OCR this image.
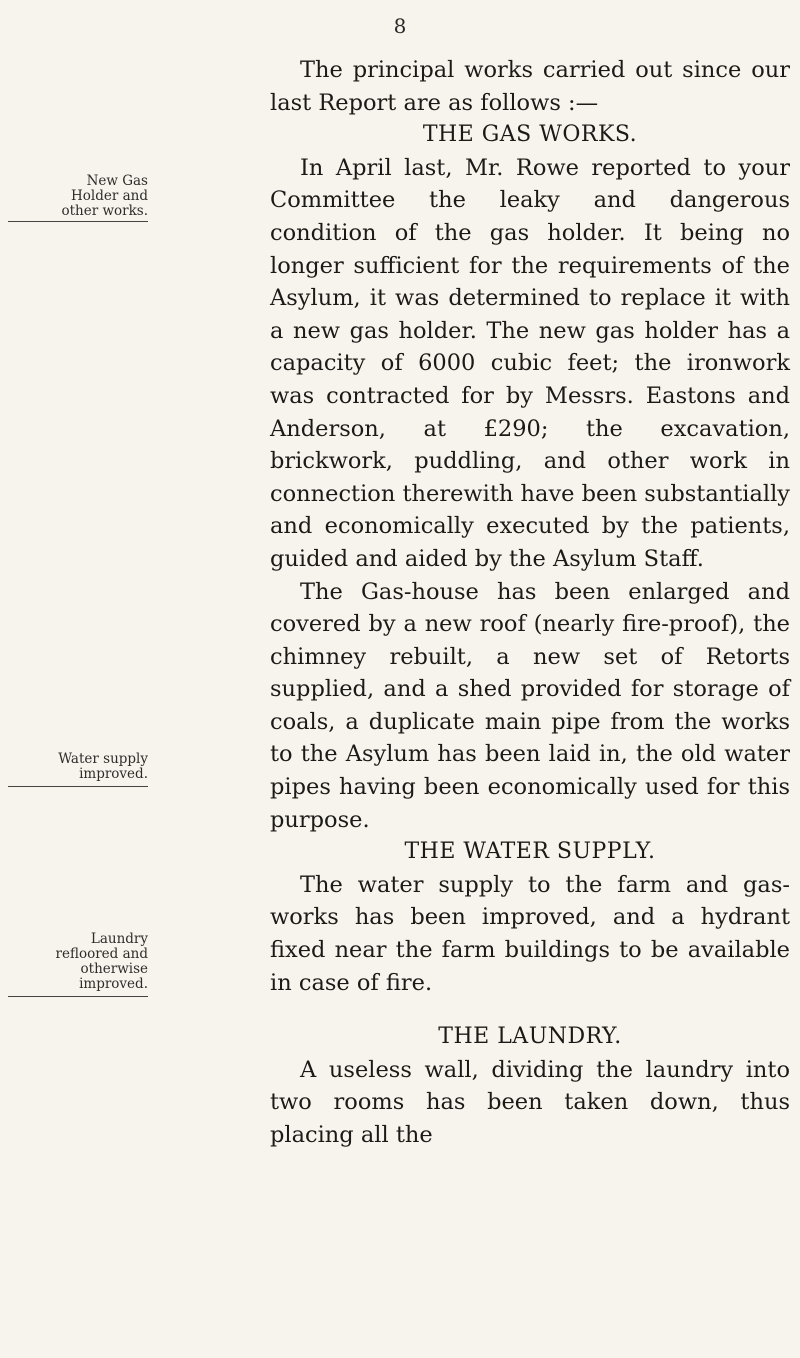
8

The principal works carried out since our last Report are as follows :—

THE GAS WORKS.

In April last, Mr. Rowe reported to your Committee the leaky and dangerous condition of the gas holder. It being no longer sufficient for the requirements of the Asylum, it was determined to replace it with a new gas holder. The new gas holder has a capacity of 6000 cubic feet; the ironwork was contracted for by Messrs. Eastons and Anderson, at £290; the excavation, brickwork, puddling, and other work in connection therewith have been substantially and economically executed by the patients, guided and aided by the Asylum Staff.

The Gas-house has been enlarged and covered by a new roof (nearly fire-proof), the chimney rebuilt, a new set of Retorts supplied, and a shed provided for storage of coals, a duplicate main pipe from the works to the Asylum has been laid in, the old water pipes having been economically used for this purpose.

THE WATER SUPPLY.

The water supply to the farm and gas-works has been improved, and a hydrant fixed near the farm buildings to be available in case of fire.

THE LAUNDRY.

A useless wall, dividing the laundry into two rooms has been taken down, thus placing all the

New Gas
Holder and
other works.
Water supply
improved.
Laundry
refloored and
otherwise
improved.
